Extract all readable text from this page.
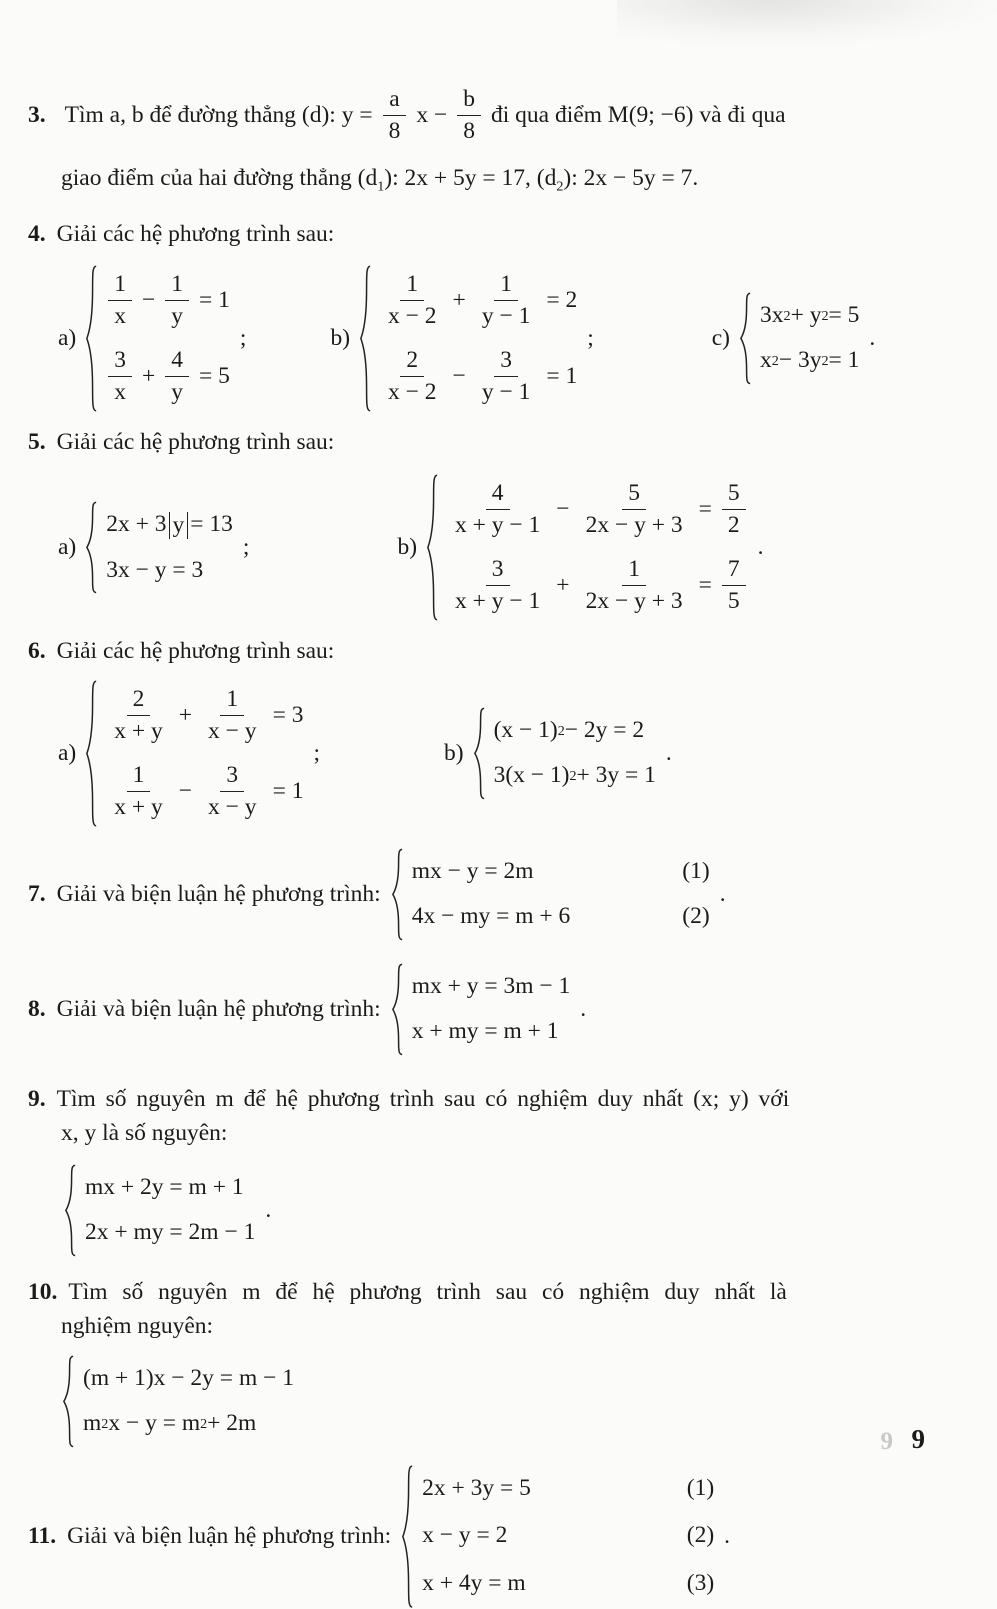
3. Tìm a, b để đường thẳng (d): $y = \frac{a}{8}$ $x - \frac{b}{8}$ đi qua điểm M(9; −6) và đi qua
giao điểm của hai đường thẳng $(d_1)$: 2x + 5y = 17, $(d_2)$: 2x − 5y = 7.
4. Giải các hệ phương trình sau:
a)
$\frac{1}{x} - \frac{1}{y} = 1$
$\frac{3}{x} + \frac{4}{y} = 5$
;	b)
$\frac{1}{x - 2} + \frac{1}{y - 1} = 2$
$\frac{2}{x - 2} - \frac{3}{y - 1} = 1$
;	c)
3x 2 + y 2 = 5
x 2 − 3y 2 = 1
.
5. Giải các hệ phương trình sau:
a)
2x + 3 y = 13
3x − y = 3
;	b)
$\frac{4}{x + y - 1} - \frac{5}{2x - y + 3} = \frac{5}{2}$
$\frac{3}{x + y - 1} + \frac{1}{2x - y + 3} = \frac{7}{5}$
.
6. Giải các hệ phương trình sau:
a)
$\frac{2}{x + y} + \frac{1}{x - y} = 3$
$\frac{1}{x + y} - \frac{3}{x - y} = 1$
;	b)
(x − 1) 2 − 2y = 2
3(x − 1) 2 + 3y = 1
.
7. Giải và biện luận hệ phương trình:
mx − y = 2m	(1)
4x − my = m + 6	(2)
.
8. Giải và biện luận hệ phương trình:
mx + y = 3m − 1
x + my = m + 1
.
9. Tìm số nguyên m để hệ phương trình sau có nghiệm duy nhất (x; y) với
x, y là số nguyên:
mx + 2y = m + 1
2x + my = 2m − 1
.
10. Tìm số nguyên m để hệ phương trình sau có nghiệm duy nhất là
nghiệm nguyên:
(m + 1)x − 2y = m − 1
m 2 x − y = m 2 + 2m
11. Giải và biện luận hệ phương trình:
2x + 3y = 5	(1)
x − y = 2	(2)
x + 4y = m	(3)
.
9 9
